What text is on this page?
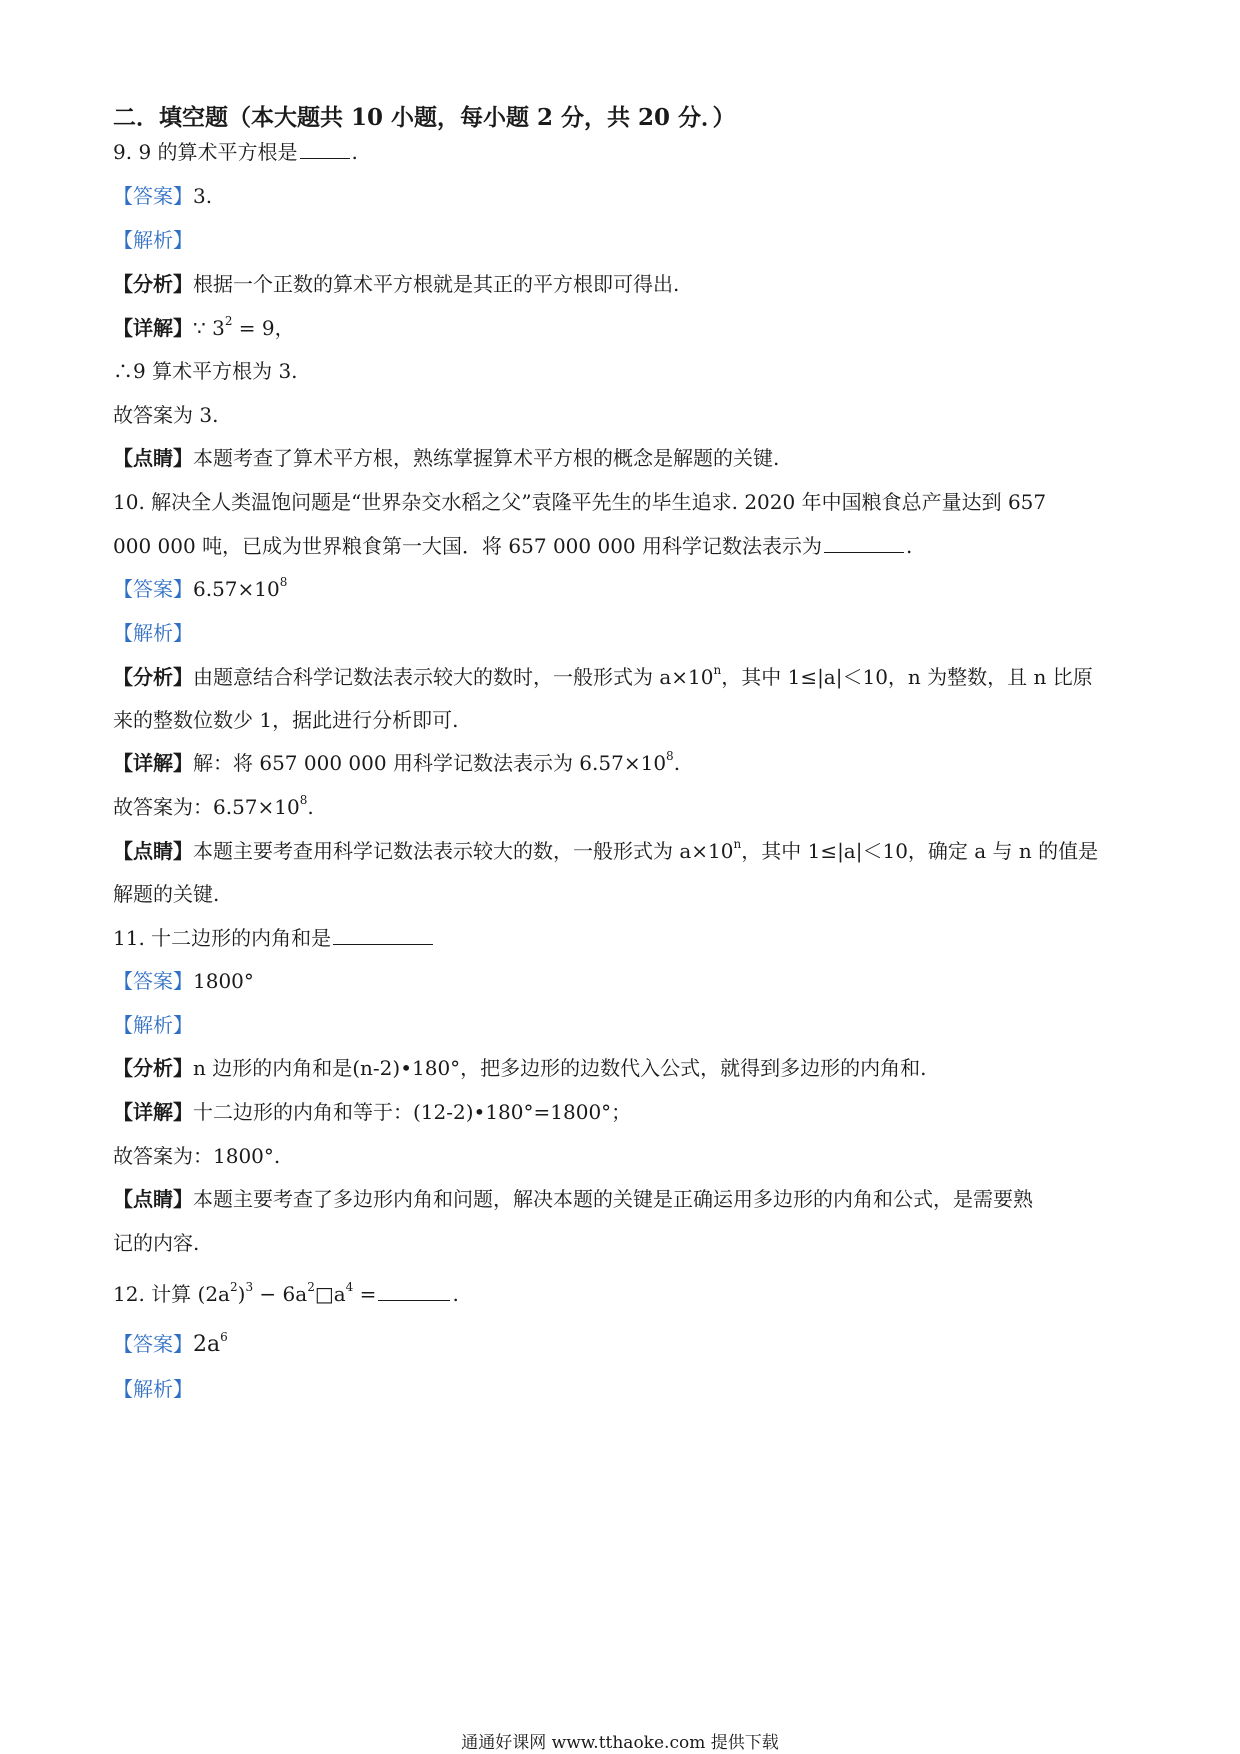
二．填空题（本大题共 10 小题，每小题 2 分，共 20 分．）
9. 9 的算术平方根是	.
【答案】3.
【解析】
【分析】根据一个正数的算术平方根就是其正的平方根即可得出.
【详解】∵ $3^2 = 9$，
∴9 算术平方根为 3.
故答案为 3.
【点睛】本题考查了算术平方根，熟练掌握算术平方根的概念是解题的关键.
10. 解决全人类温饱问题是“世界杂交水稻之父”袁隆平先生的毕生追求. 2020 年中国粮食总产量达到 657
000 000 吨，已成为世界粮食第一大国．将 657 000 000 用科学记数法表示为	.
【答案】$6.57\times 10^8$
【解析】
【分析】由题意结合科学记数法表示较大的数时，一般形式为 $a\times 10^n$，其中 1≤|a|＜10，n 为整数，且 n 比原
来的整数位数少 1，据此进行分析即可.
【详解】解：将 657 000 000 用科学记数法表示为 $6.57\times 10^8$.
故答案为：$6.57\times 10^8$.
【点睛】本题主要考查用科学记数法表示较大的数，一般形式为 $a\times 10^n$，其中 1≤|a|＜10，确定 a 与 n 的值是
解题的关键.
11. 十二边形的内角和是
【答案】1800°
【解析】
【分析】n 边形的内角和是(n-2)•180°，把多边形的边数代入公式，就得到多边形的内角和.
【详解】十二边形的内角和等于：(12-2)•180°=1800°；
故答案为：1800°.
【点睛】本题主要考查了多边形内角和问题，解决本题的关键是正确运用多边形的内角和公式，是需要熟
记的内容.
12. 计算 $(2a^2)^3$ − $6a^2□a^4$ =	.
【答案】$2a^6$
【解析】
通通好课网 www.tthaoke.com 提供下载
